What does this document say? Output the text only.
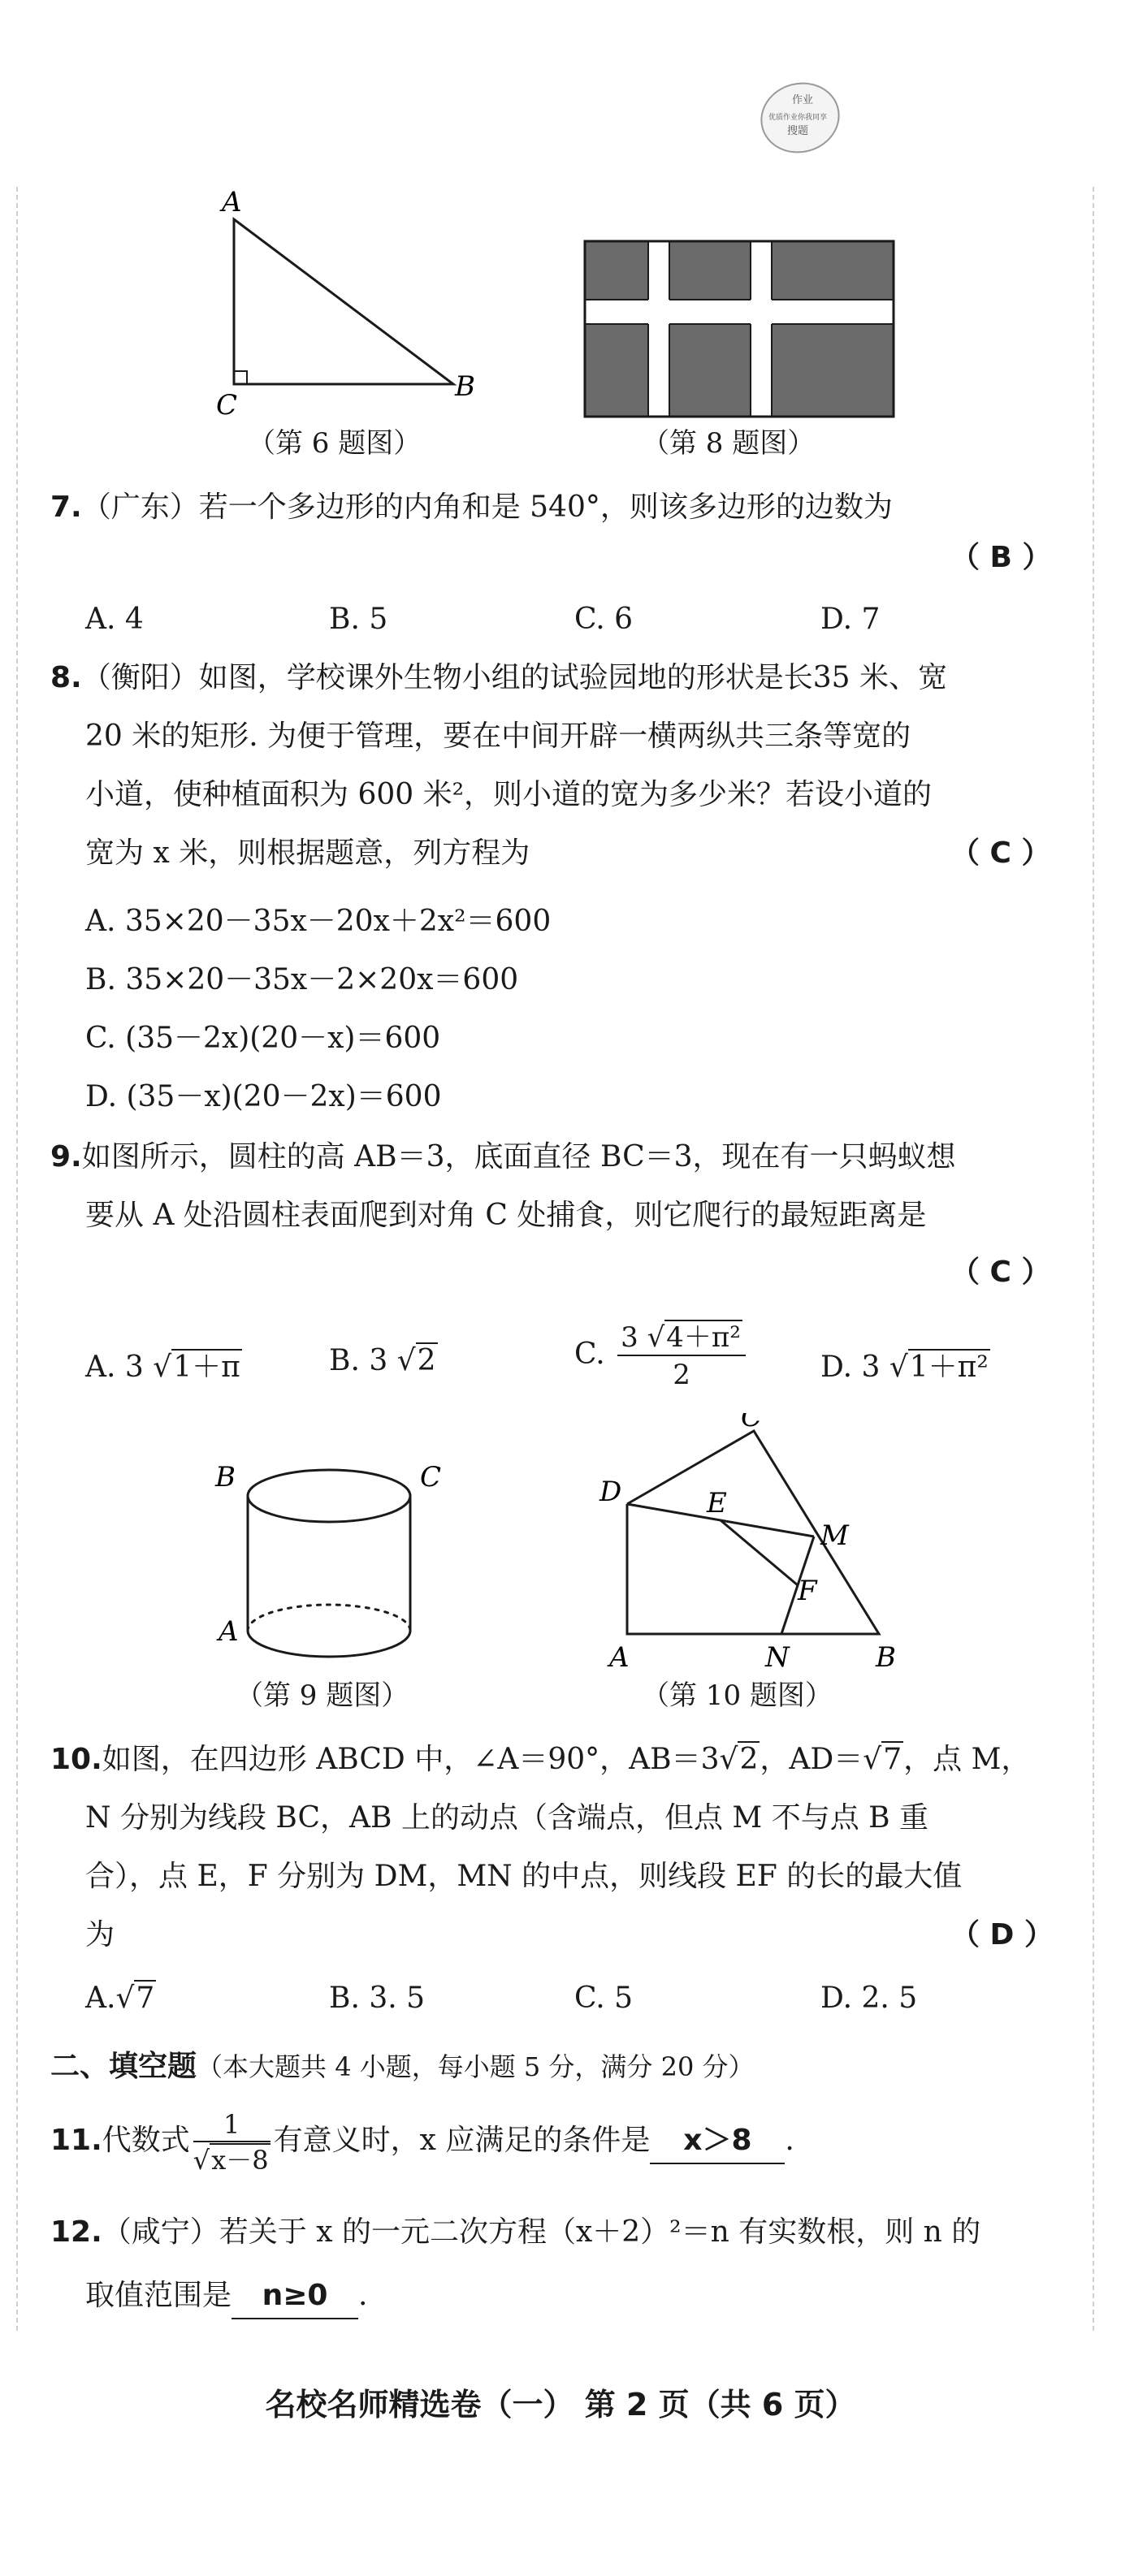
作业
优质作业你我同享
搜题
A
C
B
（第 6 题图）	（第 8 题图）
7.（广东）若一个多边形的内角和是 540°，则该多边形的边数为
（ B ）
A. 4	B. 5	C. 6	D. 7
8.（衡阳）如图，学校课外生物小组的试验园地的形状是长35 米、宽
20 米的矩形. 为便于管理，要在中间开辟一横两纵共三条等宽的
小道，使种植面积为 600 米²，则小道的宽为多少米？若设小道的
宽为 x 米，则根据题意，列方程为	（ C ）
A. 35×20－35x－20x＋2x²＝600
B. 35×20－35x－2×20x＝600
C. (35－2x)(20－x)＝600
D. (35－x)(20－2x)＝600
9.如图所示，圆柱的高 AB＝3，底面直径 BC＝3，现在有一只蚂蚁想
要从 A 处沿圆柱表面爬到对角 C 处捕食，则它爬行的最短距离是
（ C ）
A. 3 √1＋π	B. 3 √2	C. $\frac{\text{3 √4＋π²}}{2}$	D. 3 √1＋π²
B	C
A
（第 9 题图）
C
D	E
M
F
A	N	B
（第 10 题图）
10.如图，在四边形 ABCD 中，∠A＝90°，AB＝3√2，AD＝√7，点 M，
N 分别为线段 BC，AB 上的动点（含端点，但点 M 不与点 B 重
合），点 E，F 分别为 DM，MN 的中点，则线段 EF 的长的最大值
为	（ D ）
A.√7	B. 3. 5	C. 5	D. 2. 5
二、填空题（本大题共 4 小题，每小题 5 分，满分 20 分）
11.代数式 $\frac{1}{√x-8}$ 有意义时，x 应满足的条件是 x＞8 .
12.（咸宁）若关于 x 的一元二次方程（x＋2）²＝n 有实数根，则 n 的
取值范围是 n≥0 .
名校名师精选卷（一） 第 2 页（共 6 页）
